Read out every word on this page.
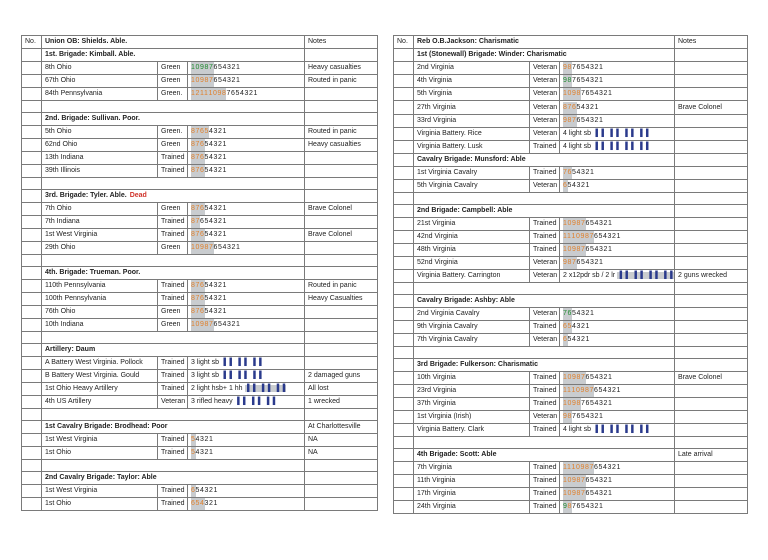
No.	Union OB: Shields. Able.			Notes
	1st. Brigade: Kimball. Able.			
	8th Ohio	Green	10987654321	Heavy casualties
	67th Ohio	Green	10987654321	Routed in panic
	84th Pennsylvania	Green.	121110987654321	

	2nd. Brigade: Sullivan. Poor.			
	5th Ohio	Green.	87654321	Routed in panic
	62nd Ohio	Green	87654321	Heavy casualties
	13th Indiana	Trained	87654321	
	39th Illinois	Trained	87654321	

	3rd. Brigade: Tyler. Able. Dead			
	7th Ohio	Green	87654321	Brave Colonel
	7th Indiana	Trained	87654321	
	1st West Virginia	Trained	87654321	Brave Colonel
	29th Ohio	Green	10987654321	

	4th. Brigade: Trueman. Poor.			
	110th Pennsylvania	Trained	87654321	Routed in panic
	100th Pennsylvania	Trained	87654321	Heavy Casualties
	76th Ohio	Green	87654321	
	10th Indiana	Green	10987654321	

	Artillery: Daum			
	A Battery West Virginia. Pollock	Trained	3 light sb ▐▐ ▐▐ ▐▐	
	B Battery West Virginia. Gould	Trained	3 light sb ▐▐ ▐▐ ▐▐	2 damaged guns
	1st Ohio Heavy Artillery	Trained	2 light hsb+ 1 hh ▐▐ ▐▐ ▐▐	All lost
	4th US Artillery	Veteran	3 rifled heavy ▐▐ ▐▐ ▐▐	1 wrecked

	1st Cavalry Brigade: Brodhead: Poor			At Charlottesville
	1st West Virginia	Trained	54321	NA
	1st Ohio	Trained	54321	NA

	2nd Cavalry Brigade: Taylor: Able			
	1st West Virginia	Trained	654321	
	1st Ohio	Trained	654321	
No.	Reb O.B.Jackson: Charismatic			Notes
	1st (Stonewall) Brigade: Winder: Charismatic			
	2nd Virginia	Veteran	987654321	
	4th Virginia	Veteran	987654321	
	5th Virginia	Veteran	10987654321	
	27th Virginia	Veteran	87654321	Brave Colonel
	33rd Virginia	Veteran	987654321	
	Virginia Battery. Rice	Veteran	4 light sb ▐▐ ▐▐ ▐▐ ▐▐	
	Virginia Battery. Lusk	Trained	4 light sb ▐▐ ▐▐ ▐▐ ▐▐	
	Cavalry Brigade: Munsford: Able			
	1st Virginia Cavalry	Trained	7654321	
	5th Virginia Cavalry	Veteran	654321	

	2nd Brigade: Campbell: Able			
	21st Virginia	Trained	10987654321	
	42nd Virginia	Trained	1110987654321	
	48th Virginia	Trained	10987654321	
	52nd Virginia	Veteran	987654321	
	Virginia Battery. Carrington	Veteran	2 x12pdr sb / 2 lr ▐▐ ▐▐ ▐▐ ▐▐	2 guns wrecked

	Cavalry Brigade: Ashby: Able			
	2nd Virginia Cavalry	Veteran	7654321	
	9th Virginia Cavalry	Trained	654321	
	7th Virginia Cavalry	Veteran	654321	

	3rd Brigade: Fulkerson: Charismatic			
	10th Virginia	Trained	10987654321	Brave Colonel
	23rd Virginia	Trained	1110987654321	
	37th Virginia	Trained	10987654321	
	1st Virginia (Irish)	Veteran	987654321	
	Virginia Battery. Clark	Trained	4 light sb ▐▐ ▐▐ ▐▐ ▐▐	

	4th Brigade: Scott: Able			Late arrival
	7th Virginia	Trained	1110987654321	
	11th Virginia	Trained	10987654321	
	17th Virginia	Trained	10987654321	
	24th Virginia	Trained	987654321	
